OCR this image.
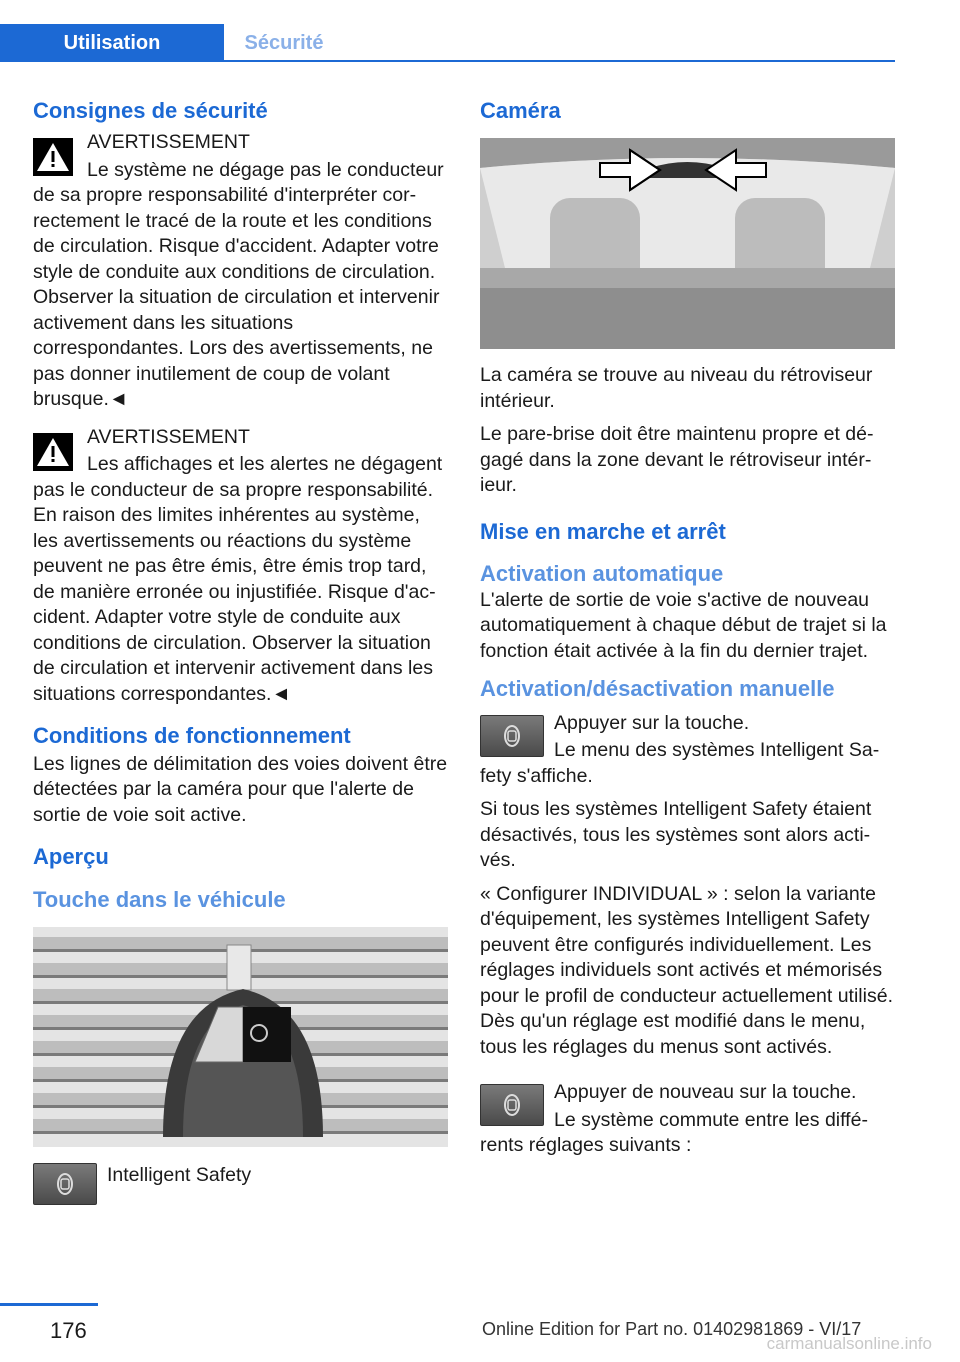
Utilisation	Sécurité
Consignes de sécurité

AVERTISSEMENT

Le système ne dégage pas le conducteur de sa propre responsabilité d'interpréter correctement le tracé de la route et les conditions de circulation. Risque d'accident. Adapter votre style de conduite aux conditions de circulation. Observer la situation de circulation et intervenir activement dans les situations correspondantes. Lors des avertissements, ne pas donner inutilement de coup de volant brusque.◄

AVERTISSEMENT

Les affichages et les alertes ne dégagent pas le conducteur de sa propre responsabilité. En raison des limites inhérentes au système, les avertissements ou réactions du système peuvent ne pas être émis, être émis trop tard, de manière erronée ou injustifiée. Risque d'accident. Adapter votre style de conduite aux conditions de circulation. Observer la situation de circulation et intervenir activement dans les situations correspondantes.◄

Conditions de fonctionnement

Les lignes de délimitation des voies doivent être détectées par la caméra pour que l'alerte de sortie de voie soit active.

Aperçu
Touche dans le véhicule

Intelligent Safety

Caméra

La caméra se trouve au niveau du rétroviseur intérieur.

Le pare-brise doit être maintenu propre et dégagé dans la zone devant le rétroviseur intérieur.

Mise en marche et arrêt
Activation automatique

L'alerte de sortie de voie s'active de nouveau automatiquement à chaque début de trajet si la fonction était activée à la fin du dernier trajet.

Activation/désactivation manuelle

Appuyer sur la touche.

Le menu des systèmes Intelligent Safety s'affiche.

Si tous les systèmes Intelligent Safety étaient désactivés, tous les systèmes sont alors activés.

« Configurer INDIVIDUAL » : selon la variante d'équipement, les systèmes Intelligent Safety peuvent être configurés individuellement. Les réglages individuels sont activés et mémorisés pour le profil de conducteur actuellement utilisé. Dès qu'un réglage est modifié dans le menu, tous les réglages du menus sont activés.

Appuyer de nouveau sur la touche.

Le système commute entre les différents réglages suivants :

176	Online Edition for Part no. 01402981869 - VI/17
carmanualsonline.info
